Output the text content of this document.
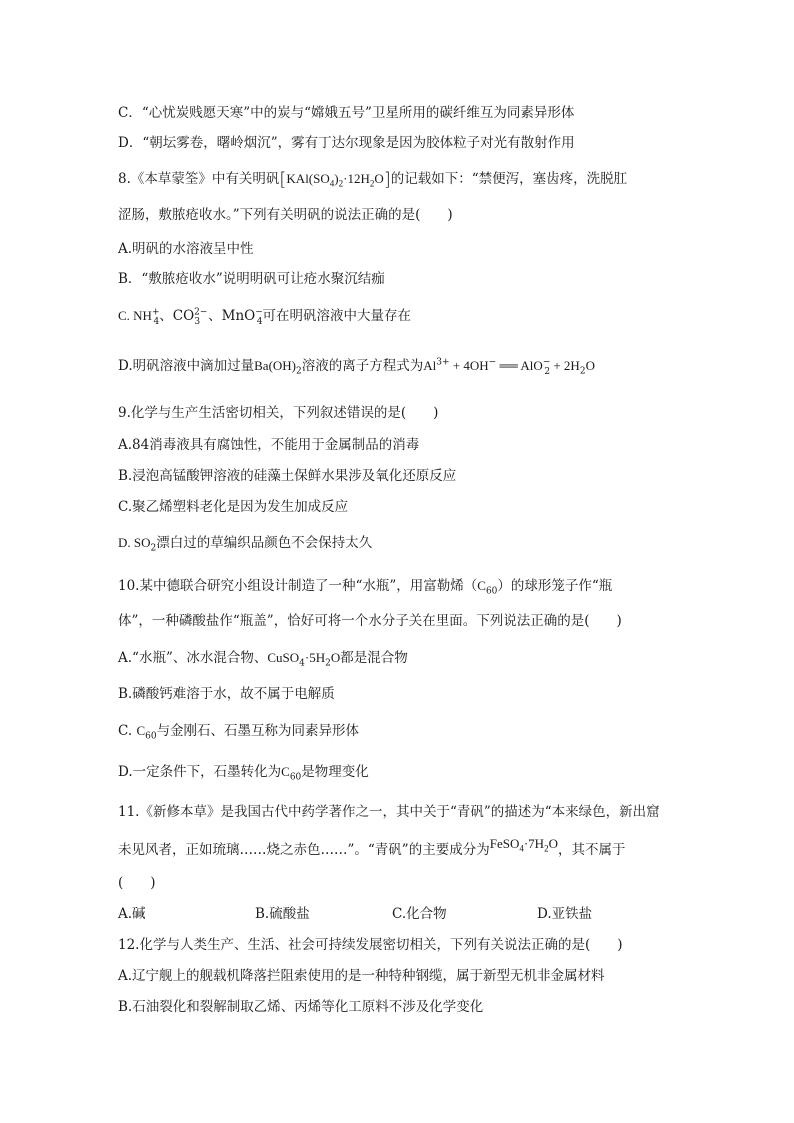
C．“心忧炭贱愿天寒”中的炭与“嫦娥五号”卫星所用的碳纤维互为同素异形体
D．“朝坛雾卷，曙岭烟沉”，雾有丁达尔现象是因为胶体粒子对光有散射作用
8.《本草蒙筌》中有关明矾$[KAl(SO_4)_2\cdot 12H_2O]$的记载如下：“禁便泻，塞齿疼，洗脱肛
涩肠，敷脓疮收水。”下列有关明矾的说法正确的是(　　)
A.明矾的水溶液呈中性
B．“敷脓疮收水”说明明矾可让疮水聚沉结痂
C. $NH^+_4$、$CO^{2-}_3$ 、MnO−$_4$可在明矾溶液中大量存在
D.明矾溶液中滴加过量$Ba(OH)_2$溶液的离子方程式为$Al^{3+} + 4OH^-$ ══ $AlO^-_2 + 2H_2O$
9.化学与生产生活密切相关，下列叙述错误的是(　　)
A.84消毒液具有腐蚀性，不能用于金属制品的消毒
B.浸泡高锰酸钾溶液的硅藻土保鲜水果涉及氧化还原反应
C.聚乙烯塑料老化是因为发生加成反应
D. $SO_2$漂白过的草编织品颜色不会保持太久
10.某中德联合研究小组设计制造了一种“水瓶”，用富勒烯$(C_{60})$的球形笼子作“瓶
体”，一种磷酸盐作“瓶盖”，恰好可将一个水分子关在里面。下列说法正确的是(　　)
A.“水瓶”、冰水混合物、$CuSO_4\cdot 5H_2O$都是混合物
B.磷酸钙难溶于水，故不属于电解质
C. $C_{60}$与金刚石、石墨互称为同素异形体
D.一定条件下，石墨转化为$C_{60}$是物理变化
11.《新修本草》是我国古代中药学著作之一，其中关于“青矾”的描述为“本来绿色，新出窟
未见风者，正如琉璃……烧之赤色……”。“青矾”的主要成分为$FeSO_4\cdot 7H_2O$，其不属于
(　　)
A.碱	B.硫酸盐	C.化合物	D.亚铁盐
12.化学与人类生产、生活、社会可持续发展密切相关，下列有关说法正确的是(　　)
A.辽宁舰上的舰载机降落拦阻索使用的是一种特种钢缆，属于新型无机非金属材料
B.石油裂化和裂解制取乙烯、丙烯等化工原料不涉及化学变化
